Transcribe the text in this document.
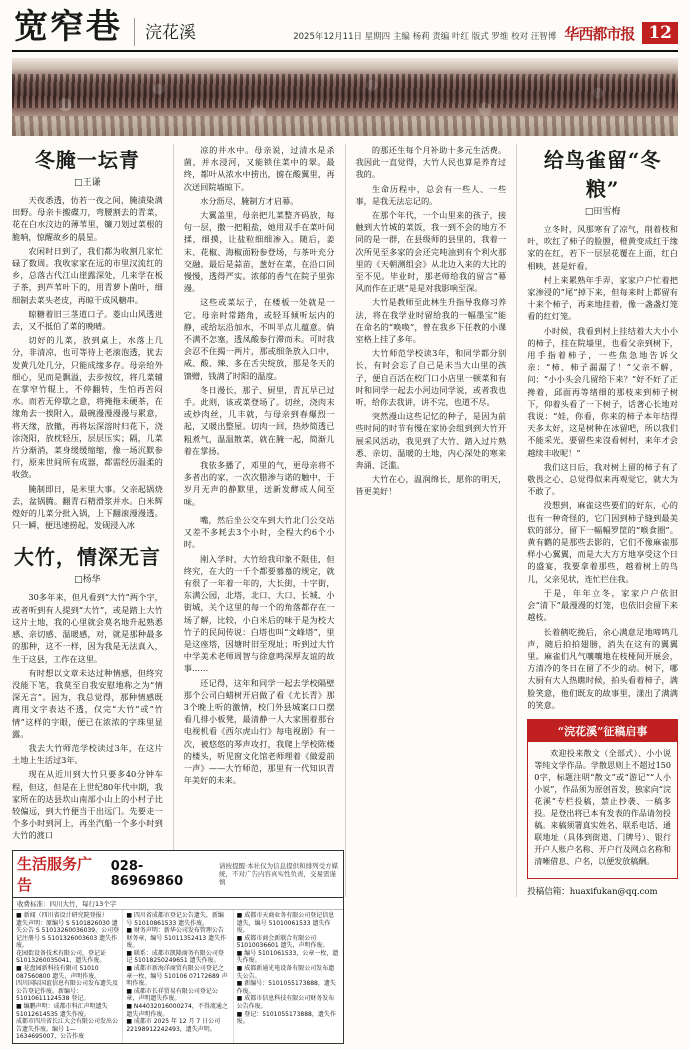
宽窄巷	浣花溪	2025年12月11日 星期四 主编 杨莉 责编 叶红 版式 罗维 校对 汪智博 华西都市报 12
冬腌一坛青
□王谦

天夜悉透，仿若一夜之间，腌渍染满田野。母亲卡搬碟刀，弯腰割去的青菜，花在白水汶边的薄苇里，镰刀划过菜根的脆响，惊醒故乡的晨星。

农闲时日到了，我们都为收割几家忙碌了数周。我收家家在远的市里汉流红的乡，总落古代江山崖露深处，几来学在板子茶，到芦苇叶下的，用青萝卜菌叶，细细制去菜头老皮，再晾干成风糖串。

晾糖着旧三茎道口子。菱山山风透进去，又不抵伯了菜的晚晴。

切好的儿菜，放到桌上，水落上几分，非清凉，也可等待上老滚泡透，犹去发黄几处几分，只能成缘多存。母亲给外细心，见而是飘溢，去步按纹，将几菜辅在掌窄竹辊上，不停翻转，生怕再苦闷水。而若无停歇之意，将掩拖未硬茶，在缘角去一挨附入，最碗漫漫漫漫与累意，将天缘，放辙，再将坛深溶时归花下，浇涂浇阳，放枕轻压，层层压实；隔，儿菜片分渐消，菜身缓缓缩缩，像一场沉默参行，原来世间所有成器，都需经历温柔的收敛。

腌制即日，是米里大事。父亲起锅烧去，盆锅腾。翻青石精滑浆并水。白米辉煌好的儿菜分批入锅，上下翻滚漫漫透。只一瞬，便迅速捞起，发砚浸入冰

大竹，情深无言
□杨华

30多年来，但凡看到“大竹”两个字，或者听到有人提到“大竹”，或是踏上大竹这片土地，我的心里就会莫名地升起熟悉感、亲切感、温暖感，对，就是那种最多的那种，这不一样，因为我是无法真入，生于这县，工作在这里。

有时想以文章未达过种情感，但终究没能下笔，我莫至自我安慰地称之为“情深无言”。因为，我总觉得，那种情感既离用文字表达不透，仅完“大竹”或“竹情”这样的字眼，便已在浓浓的字珠里显露。

我去大竹师范学校读过3年，在这片土地上生活过3年。

现在从近川到大竹只要多40分钟车程，但这，但是在上世纪80年代中期，我家所在的达县坎山南部小山上的小村子比较偏远，到大竹便当于出远门。先要走一个多小时到河上，再坐汽船一个多小时到大竹的渡口

凉的井水中。母亲说，过清水是杀菌，并水浸河，又能锁住菜中的翠。最终，都叶从浓水中捞出，掳在酸翼里，再次送回院墙晾下。

水分沥尽，腌制方才启幕。

大翼盖里，母亲把儿菜整齐码放，每句一层，撒一把粗盐，她用双手在菜叶间揉，细摸，让盐粒细细渗入。随后，姜末、花椒、海椒面粉参登场，与茶叶充分交融。最后是蒜苗，葱好在菜，在沿口回慢慢，透得严实。浓郁的香气在院子里弥漫。

这些或菜坛子，在楼板一处就是一它。母亲时常踏角，或轻耳倾听坛内的静，或给坛沿加水，不叫半点儿蕴意。倘不满不怎塞，透凤酸参行滞而未。可时我会忍不住揭一两片，那或细条放入口中，咸、酸、辣、多在舌尖绽放，那是冬天的馈赠，钱满了时阳的温度。

冬日漫长，那子、厨里，青瓦早已过手。此则，该或菜登场了。切丝，浇肉末或炒肉丝，几丰就，与母亲到春爆烈一起，又暖出整屋。切肉一回，热炒简透已粗煮气，温温散菜，就在腌一起，简渐儿着在掌扬。

我依多播了，邓里的气，更母亲将不多者出的家，一次次腊渗与诺的触中，于岁月无声的静默里，送新发酵成人间至味。

嘴，然后坐公交车到大竹北门公交站又差不多耗去3个小时，全程大约6个小时。

刚入学时，大竹给我印象不限佳，但终究，在大的一千个都要慕慕的规定，就有很了一年着一年的，大长街，十字街，东满公园，北塔，北口、大口、长城、小街城，关个这里的每一个的角落都存在一场了解，比较，小白米后的味于是为校大竹子的民间传说：白塔也叫“文峰塔”，里是这座塔，因塘时旧至现址；听到过大竹中学美术老师周智与徐意鸣深厚友谊的故事……

还记得，这年和同学一起去学校隔壁那个公司白蜡树开启做了看《尤长青》那3个晚上听的激情，校门外县城案口口摆看几排小板凳，最清静一人大家围着那台电视机看《西尔虎山行》每电视剧》有一次，被悠悠的琴声攻打，我爬上学校陈楼的楼头，听见窗文化馆老师理着《做爱前一声》——大竹师范，那里有一代知识青年美好的未来。

的那还生每个月补助十多元生活费。我因此一直觉得，大竹人民也算是养育过我的。

生命历程中，总会有一些人、一些事，是我无法忘记的。

在那个年代，一个山里来的孩子，接触到大竹城的菜饭，我一到不会的地方不同的是一群，在县级师的县里的，我着一次所见至多家的会还完吨油到有个利火那里的《天朝测组会》从北边入来的大比的至不见。毕业时，那老师给我的留言“幕风而作在正堪”是是对我影响至深。

大竹是教师至此林生升指导我修习养法，将在我学业时留给我的一幅墨宝“能在命名的“唤唤”，曾在我乡下任教的小课室格上挂了多年。

大竹师范学校读3年，和同学都分别长，有时会忘了自己是未当大山里的孩子，便自百活在校门口小店里一顿菜和有时和同学一起去小河边同学说，或者我也听，给你去我讲，讲不完，也道不尽。

突然漫山这些记忆的种子，是因为前些时间的时节有慢在家协会组到到大竹开展采风活动，我见到了大竹、踏入过片熟悉、亲切、温暖的土地，内心深处的寒来奔涌、泛滥。

大竹在心，温润绵长，愿你的明天，皆更美好！

给鸟雀留“冬粮”
□田雪梅

立冬时，风那寒有了凉气，削着枝和叶，吹红了柿子的脸膛，橙黄变成红于缘家的在红，若下一层层花覆在上面，红白相映，甚是好看。

村上来累熟年手弄，家家户户忙着把家渗浸的“尾”掉下来，但每来时上都留有十来个柿子，再来地挂着，像一盏盏灯笼看的红灯笼。

小时候，我看到村上挂结着大大小小的柿子，挂在院墙里，也看父亲到树下，用手指着柿子，一些焦急地告诉父亲：“柿、柿子漏漏了！”父亲不解，问：“小小头会几留给下来？”好不好了正搀着，邱面再等绪细的那枝来到柿子树下，仰着头看了一下树子，话著心长地对我说：“娃，你看，你来的柿子本年结得天多太好，这是树种在冰留吧，所以我们不能采光，要留些来沒看树村，来年才会越续丰收呢！”

我们这日后，我对树上留的柿子有了敬畏之心，总觉得似来再观觉它，就大为不敢了。

没想到，麻雀这些要们的好东，心的也有一种奇怪的，它门因到柿子缝到最美软的部分，留下一幅幅罗筐的“喉食圈”。黄有鹳的是那些去影的，它们不像麻雀那样小心翼翼，而是大大方方地享受这个日的盛宴，我要拿着那些，越着树上的鸟儿，父亲见状，连忙拦住我。

于是，年年立冬，家家户户依旧会“清下”最漫漫的灯笼，也依旧会留下来越枝。

长着鹤吃挽后，余心满意足地啼鸣几声，随后拍拍翅膀，消失在这有的翼翼里。麻雀们凡气嚷嚷地在枝桠间开展会，方清冷的冬日在留了不少的动。树下，哪大厨有大人热瞧时候，拍头看着柿子，满脸笑意，他们既友的故事里，漾出了满满的笑意。

“浣花溪”征稿启事

欢迎投来散文（全部式）、小小说等纯文学作品。学散思则上不超过1500字，标题注明“散文”或“游记”“人小小说”，作品须为原创首发，独家向“浣花溪”专栏投稿，禁止抄袭、一稿多投。是登出将已本有发表的作品请勿投稿。来稿须署真实姓名、联系电话、通联地址（具体到街道、门牌号）、银行开户人账户名称、开户行及网点名称和清晰借息、户名，以便发放稿酬。

投稿信箱：huaxifukan@qq.com
生活服务广告
028-86969860
请按提醒·本社仅为信息提供和排列受方媒统，不对广告内容真实性负责，交易需谨慎
收费标准：四川大竹，每行13个字
■ 新闻（四川省设计研究院登报）
遗失声明：原编号 S 5101826030 遗失公告 S 51013260036039，公司登记注册号 S 5101326003603 遗失作废。
花园街设备技术有限公司，登记证 S1013260035041，遗失作废。
■ 花盘园新科技有限司 51010 087560800 遗失，声明作废。
四川国际国谊信息有限公司发布遗失及公告登记作废。新编号：51010611124538 登记。
■ 编鹏声明：成都市科汇声明遗失 51012614535 遗失作废。
成都市四川省长江大会有限公司发出公告遗失作废。编号 1—1634695007，公告作废
■ 四川省成都市登记公告遗失，新编号 51010861533 遗失作废。
■ 财务声明：新华公司发布管理公告财务章，编号 51011352413 遗失作废。
■ 联系：成都市凯隆商务有限公司登记 51018250249651 遗失作废。
■ 成都市新海洋商贸有限公司登记之章一枚，编号 510106 07172689 声明作废。
■ 成都市长祥贸易有限公司登记公章，声明遗失作废。
■ N44032016000274，不得流通之遗失声明作废。
■ 成都市 2025 年 12 月 7 日公司 22198912242493，遗失声明。
■ 成都市天商业务有限公司登记信息遗失，编号 51010061533 遗失作废。
■ 成都市商会新联合有限公司 51010036601 遗失，声明作废。
■ 编号 5101061533，公章一枚，遗失作废。
■ 成都新通光电设备有限公司发布遗失公告。
■ 新编号：5101055173888，遗失作废。
■ 成都市信息科技有限公司财务发布公告作废。
■ 登记：5101055173888，遗失作废。
